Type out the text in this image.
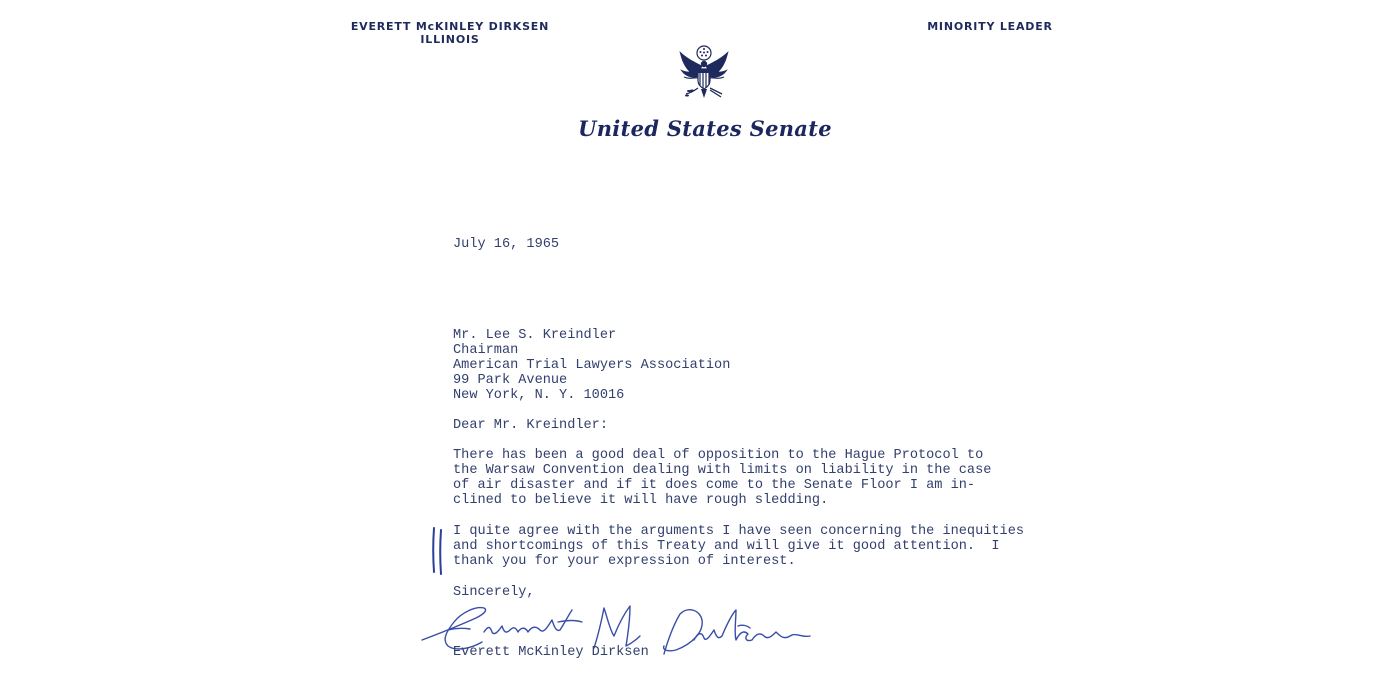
EVERETT McKINLEY DIRKSEN
ILLINOIS
MINORITY LEADER
United States Senate
July 16, 1965
Mr. Lee S. Kreindler
Chairman
American Trial Lawyers Association
99 Park Avenue
New York, N. Y. 10016
Dear Mr. Kreindler:
There has been a good deal of opposition to the Hague Protocol to
the Warsaw Convention dealing with limits on liability in the case
of air disaster and if it does come to the Senate Floor I am in-
clined to believe it will have rough sledding.
I quite agree with the arguments I have seen concerning the inequities
and shortcomings of this Treaty and will give it good attention.  I
thank you for your expression of interest.
Sincerely,
Everett McKinley Dirksen
